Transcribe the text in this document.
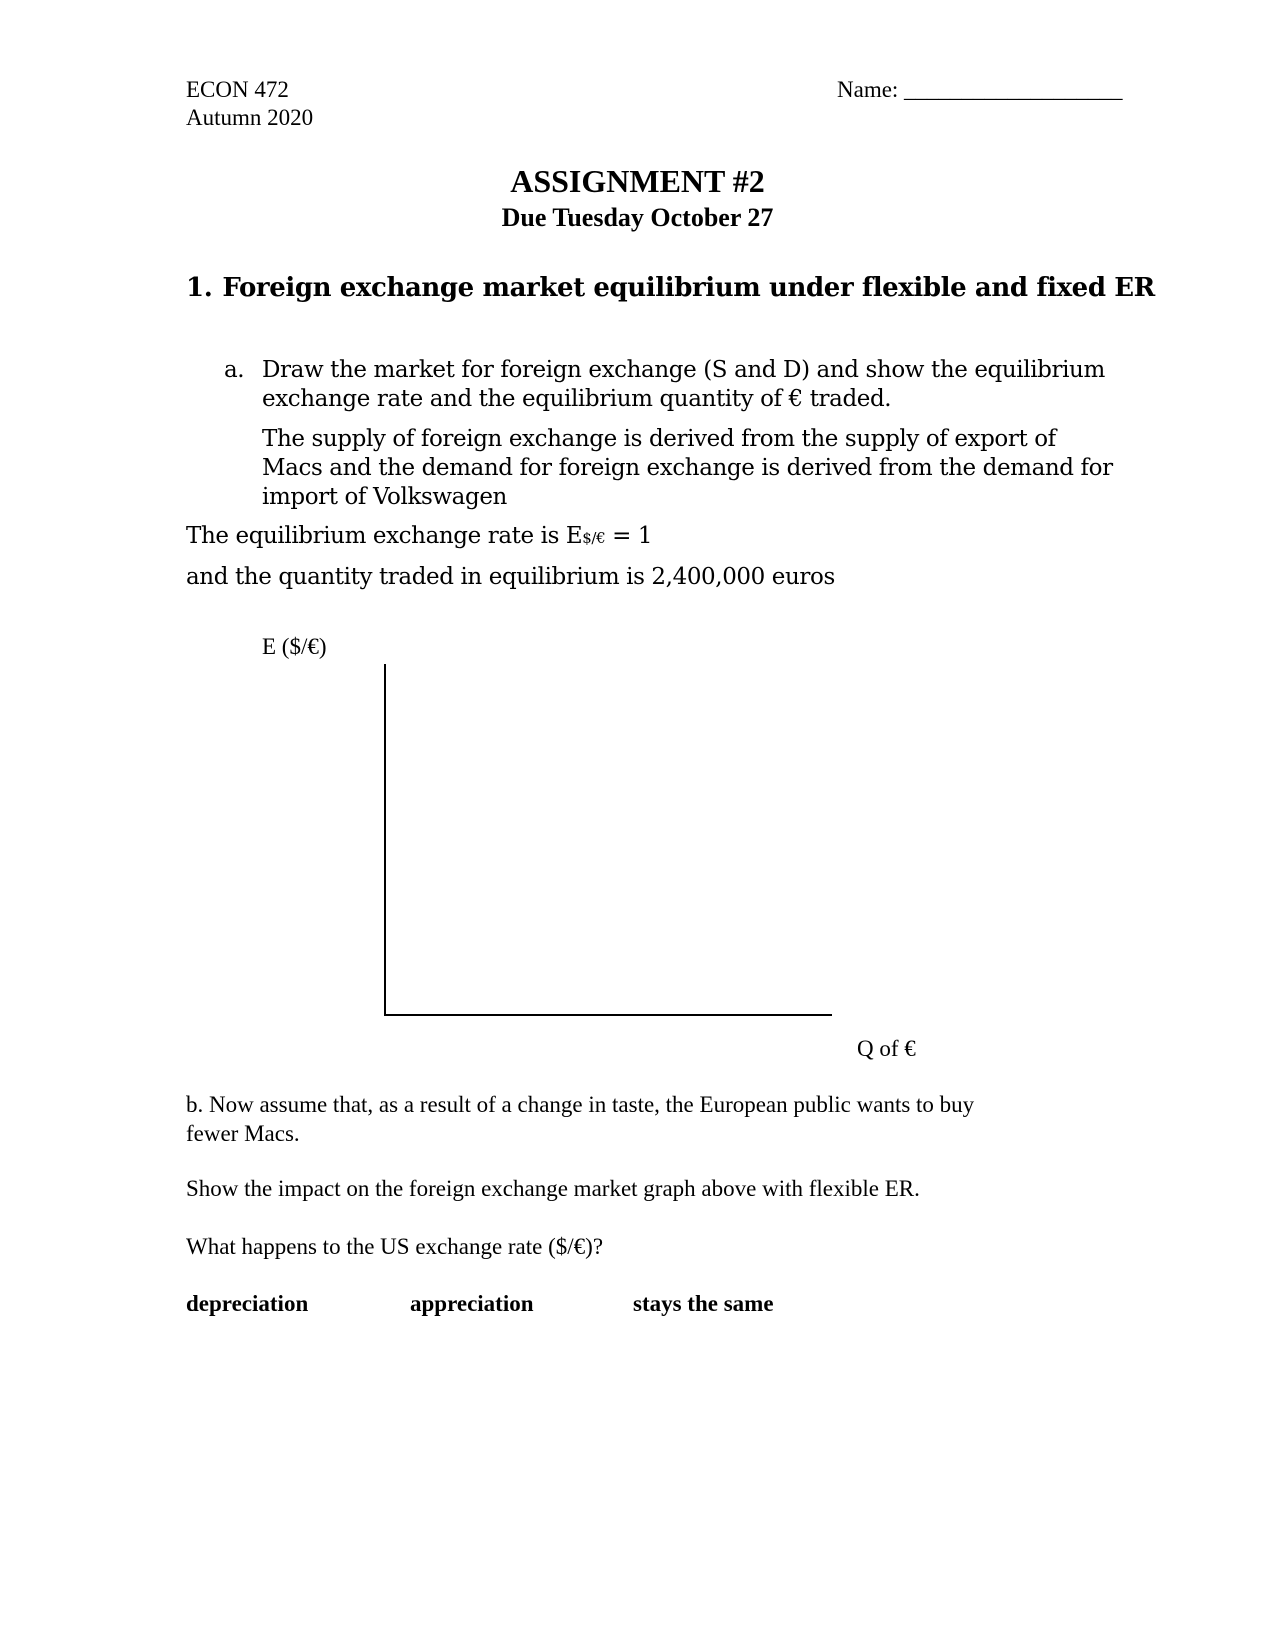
ECON 472
Autumn 2020
Name: ___________________
ASSIGNMENT #2
Due Tuesday October 27
1. Foreign exchange market equilibrium under flexible and fixed ER
a. Draw the market for foreign exchange (S and D) and show the equilibrium
exchange rate and the equilibrium quantity of € traded.
The supply of foreign exchange is derived from the supply of export of
Macs and the demand for foreign exchange is derived from the demand for
import of Volkswagen
The equilibrium exchange rate is E$/€ = 1
and the quantity traded in equilibrium is 2,400,000 euros
E ($/€)
Q of €
b. Now assume that, as a result of a change in taste, the European public wants to buy
fewer Macs.
Show the impact on the foreign exchange market graph above with flexible ER.
What happens to the US exchange rate ($/€)?
depreciation	appreciation	stays the same
